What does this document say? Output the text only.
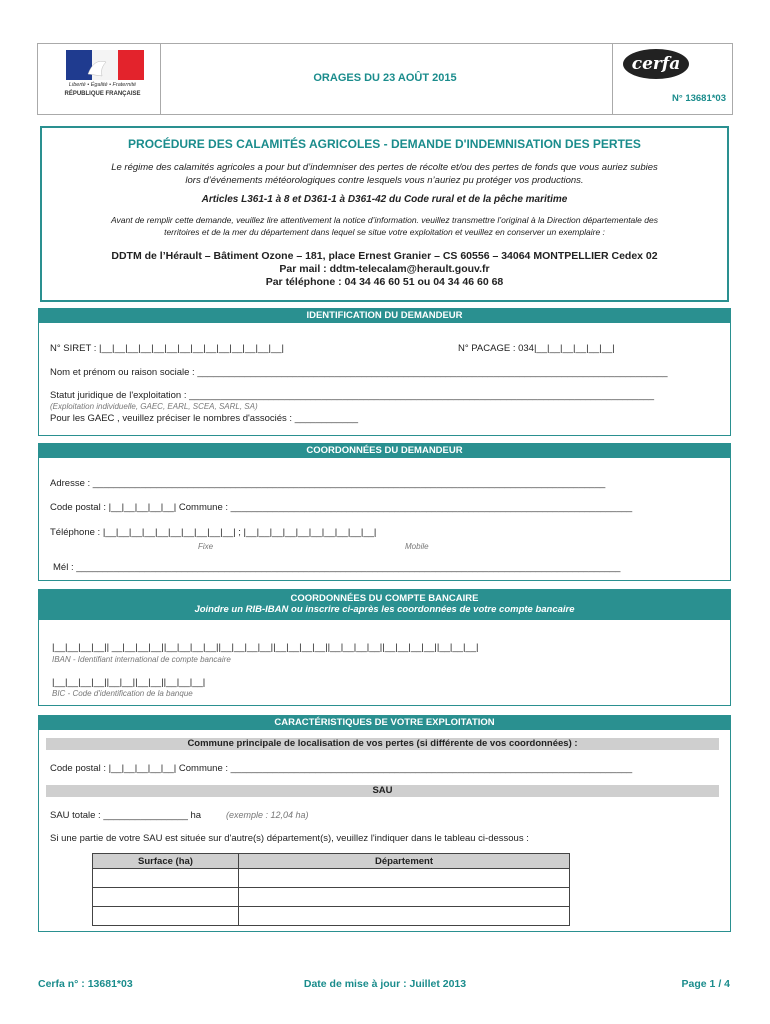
Liberté • Égalité • Fraternité
RÉPUBLIQUE FRANÇAISE
ORAGES DU 23 AOÛT 2015
cerfa
N° 13681*03
PROCÉDURE DES CALAMITÉS AGRICOLES - DEMANDE D'INDEMNISATION DES PERTES
Le régime des calamités agricoles a pour but d’indemniser des pertes de récolte et/ou des pertes de fonds que vous auriez subies
lors d’événements météorologiques contre lesquels vous n’auriez pu protéger vos productions.
Articles L361-1 à 8 et D361-1 à D361-42 du Code rural et de la pêche maritime
Avant de remplir cette demande, veuillez lire attentivement la notice d’information. veuillez transmettre l’original à la Direction départementale des
territoires et de la mer du département dans lequel se situe votre exploitation et veuillez en conserver un exemplaire :
DDTM de l’Hérault – Bâtiment Ozone – 181, place Ernest Granier – CS 60556 – 34064 MONTPELLIER Cedex 02
Par mail : ddtm-telecalam@herault.gouv.fr
Par téléphone : 04 34 46 60 51 ou 04 34 46 60 68
IDENTIFICATION DU DEMANDEUR
N° SIRET : |__|__|__|__|__|__|__|__|__|__|__|__|__|__|	N° PACAGE : 034|__|__|__|__|__|__|
Nom et prénom ou raison sociale : _________________________________________________________________________________________
Statut juridique de l'exploitation : ________________________________________________________________________________________
(Exploitation individuelle, GAEC, EARL, SCEA, SARL, SA)
Pour les GAEC , veuillez préciser le nombres d'associés : ____________
COORDONNÉES DU DEMANDEUR
Adresse : _________________________________________________________________________________________________
Code postal : |__|__|__|__|__| Commune : ____________________________________________________________________________
Téléphone : |__|__|__|__|__|__|__|__|__|__| ; |__|__|__|__|__|__|__|__|__|__|
Fixe	Mobile
Mél : _______________________________________________________________________________________________________
COORDONNÉES DU COMPTE BANCAIRE
Joindre un RIB-IBAN ou inscrire ci-après les coordonnées de votre compte bancaire
|__|__|__|__|| __|__|__|__||__|__|__|__||__|__|__|__||__|__|__|__||__|__|__|__||__|__|__|__||__|__|__|
IBAN - Identifiant international de compte bancaire
|__|__|__|__||__|__||__|__||__|__|__|
BIC - Code d'identification de la banque
CARACTÉRISTIQUES DE VOTRE EXPLOITATION
Commune principale de localisation de vos pertes (si différente de vos coordonnées) :
Code postal : |__|__|__|__|__| Commune : ____________________________________________________________________________
SAU
SAU totale : ________________ ha	(exemple : 12,04 ha)
Si une partie de votre SAU est située sur d'autre(s) département(s), veuillez l'indiquer dans le tableau ci-dessous :
Surface (ha)	Département

Cerfa n° : 13681*03	Date de mise à jour : Juillet 2013	Page 1 / 4
